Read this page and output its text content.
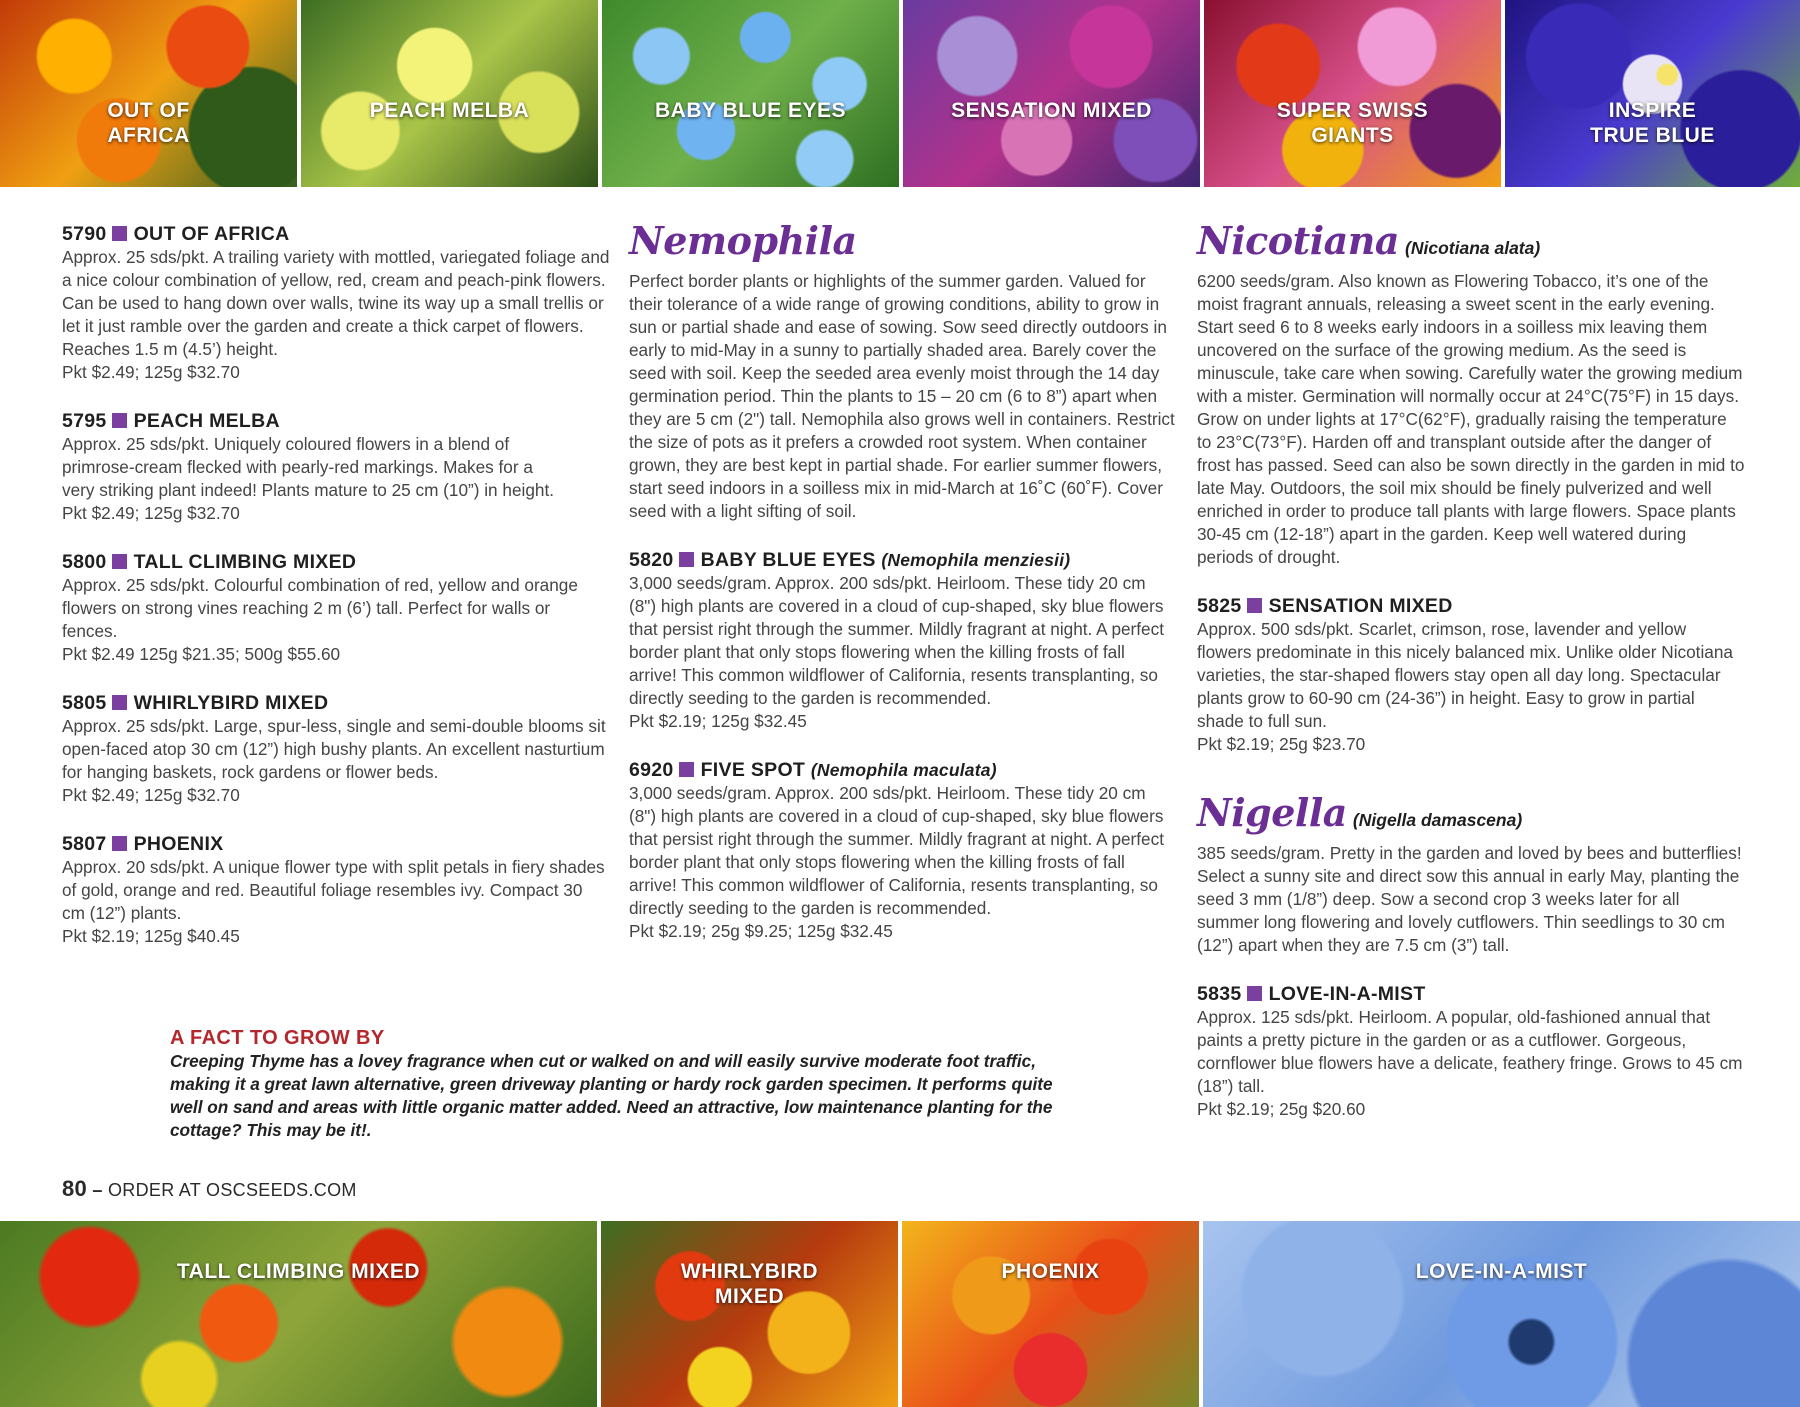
OUT OF
AFRICA
PEACH MELBA	BABY BLUE EYES	SENSATION MIXED	SUPER SWISS
GIANTS
INSPIRE
TRUE BLUE
5790 OUT OF AFRICA
Approx. 25 sds/pkt. A trailing variety with mottled, variegated foliage and a nice colour combination of yellow, red, cream and peach-pink flowers. Can be used to hang down over walls, twine its way up a small trellis or let it just ramble over the garden and create a thick carpet of flowers. Reaches 1.5 m (4.5’) height.
Pkt $2.49; 125g $32.70
5795 PEACH MELBA
Approx. 25 sds/pkt. Uniquely coloured flowers in a blend of primrose-cream flecked with pearly-red markings. Makes for a very striking plant indeed! Plants mature to 25 cm (10”) in height.
Pkt $2.49; 125g $32.70
5800 TALL CLIMBING MIXED
Approx. 25 sds/pkt. Colourful combination of red, yellow and orange flowers on strong vines reaching 2 m (6’) tall. Perfect for walls or fences.
Pkt $2.49 125g $21.35; 500g $55.60
5805 WHIRLYBIRD MIXED
Approx. 25 sds/pkt. Large, spur-less, single and semi-double blooms sit open-faced atop 30 cm (12”) high bushy plants. An excellent nasturtium for hanging baskets, rock gardens or flower beds.
Pkt $2.49; 125g $32.70
5807 PHOENIX
Approx. 20 sds/pkt. A unique flower type with split petals in fiery shades of gold, orange and red. Beautiful foliage resembles ivy. Compact 30 cm (12”) plants.
Pkt $2.19; 125g $40.45
Nemophila
Perfect border plants or highlights of the summer garden. Valued for their tolerance of a wide range of growing conditions, ability to grow in sun or partial shade and ease of sowing. Sow seed directly outdoors in early to mid-May in a sunny to partially shaded area. Barely cover the seed with soil. Keep the seeded area evenly moist through the 14 day germination period. Thin the plants to 15 – 20 cm (6 to 8”) apart when they are 5 cm (2") tall. Nemophila also grows well in containers. Restrict the size of pots as it prefers a crowded root system. When container grown, they are best kept in partial shade. For earlier summer flowers, start seed indoors in a soilless mix in mid-March at 16˚C (60˚F). Cover seed with a light sifting of soil.
5820 BABY BLUE EYES (Nemophila menziesii)
3,000 seeds/gram. Approx. 200 sds/pkt. Heirloom. These tidy 20 cm (8") high plants are covered in a cloud of cup-shaped, sky blue flowers that persist right through the summer. Mildly fragrant at night. A perfect border plant that only stops flowering when the killing frosts of fall arrive! This common wildflower of California, resents transplanting, so directly seeding to the garden is recommended.
Pkt $2.19; 125g $32.45
6920 FIVE SPOT (Nemophila maculata)
3,000 seeds/gram. Approx. 200 sds/pkt. Heirloom. These tidy 20 cm (8") high plants are covered in a cloud of cup-shaped, sky blue flowers that persist right through the summer. Mildly fragrant at night. A perfect border plant that only stops flowering when the killing frosts of fall arrive! This common wildflower of California, resents transplanting, so directly seeding to the garden is recommended.
Pkt $2.19; 25g $9.25; 125g $32.45
Nicotiana (Nicotiana alata)
6200 seeds/gram. Also known as Flowering Tobacco, it’s one of the moist fragrant annuals, releasing a sweet scent in the early evening. Start seed 6 to 8 weeks early indoors in a soilless mix leaving them uncovered on the surface of the growing medium. As the seed is minuscule, take care when sowing. Carefully water the growing medium with a mister. Germination will normally occur at 24°C(75°F) in 15 days. Grow on under lights at 17°C(62°F), gradually raising the temperature to 23°C(73°F). Harden off and transplant outside after the danger of frost has passed. Seed can also be sown directly in the garden in mid to late May. Outdoors, the soil mix should be finely pulverized and well enriched in order to produce tall plants with large flowers. Space plants 30-45 cm (12-18”) apart in the garden. Keep well watered during periods of drought.
5825 SENSATION MIXED
Approx. 500 sds/pkt. Scarlet, crimson, rose, lavender and yellow flowers predominate in this nicely balanced mix. Unlike older Nicotiana varieties, the star-shaped flowers stay open all day long. Spectacular plants grow to 60-90 cm (24-36”) in height. Easy to grow in partial shade to full sun.
Pkt $2.19; 25g $23.70
Nigella (Nigella damascena)
385 seeds/gram. Pretty in the garden and loved by bees and butterflies! Select a sunny site and direct sow this annual in early May, planting the seed 3 mm (1/8”) deep. Sow a second crop 3 weeks later for all summer long flowering and lovely cutflowers. Thin seedlings to 30 cm (12”) apart when they are 7.5 cm (3”) tall.
5835 LOVE-IN-A-MIST
Approx. 125 sds/pkt. Heirloom. A popular, old-fashioned annual that paints a pretty picture in the garden or as a cutflower. Gorgeous, cornflower blue flowers have a delicate, feathery fringe. Grows to 45 cm (18”) tall.
Pkt $2.19; 25g $20.60
A FACT TO GROW BY
Creeping Thyme has a lovey fragrance when cut or walked on and will easily survive moderate foot traffic, making it a great lawn alternative, green driveway planting or hardy rock garden specimen. It performs quite well on sand and areas with little organic matter added. Need an attractive, low maintenance planting for the cottage? This may be it!.
80 – ORDER AT OSCSEEDS.COM
TALL CLIMBING MIXED	WHIRLYBIRD
MIXED
PHOENIX	LOVE-IN-A-MIST
